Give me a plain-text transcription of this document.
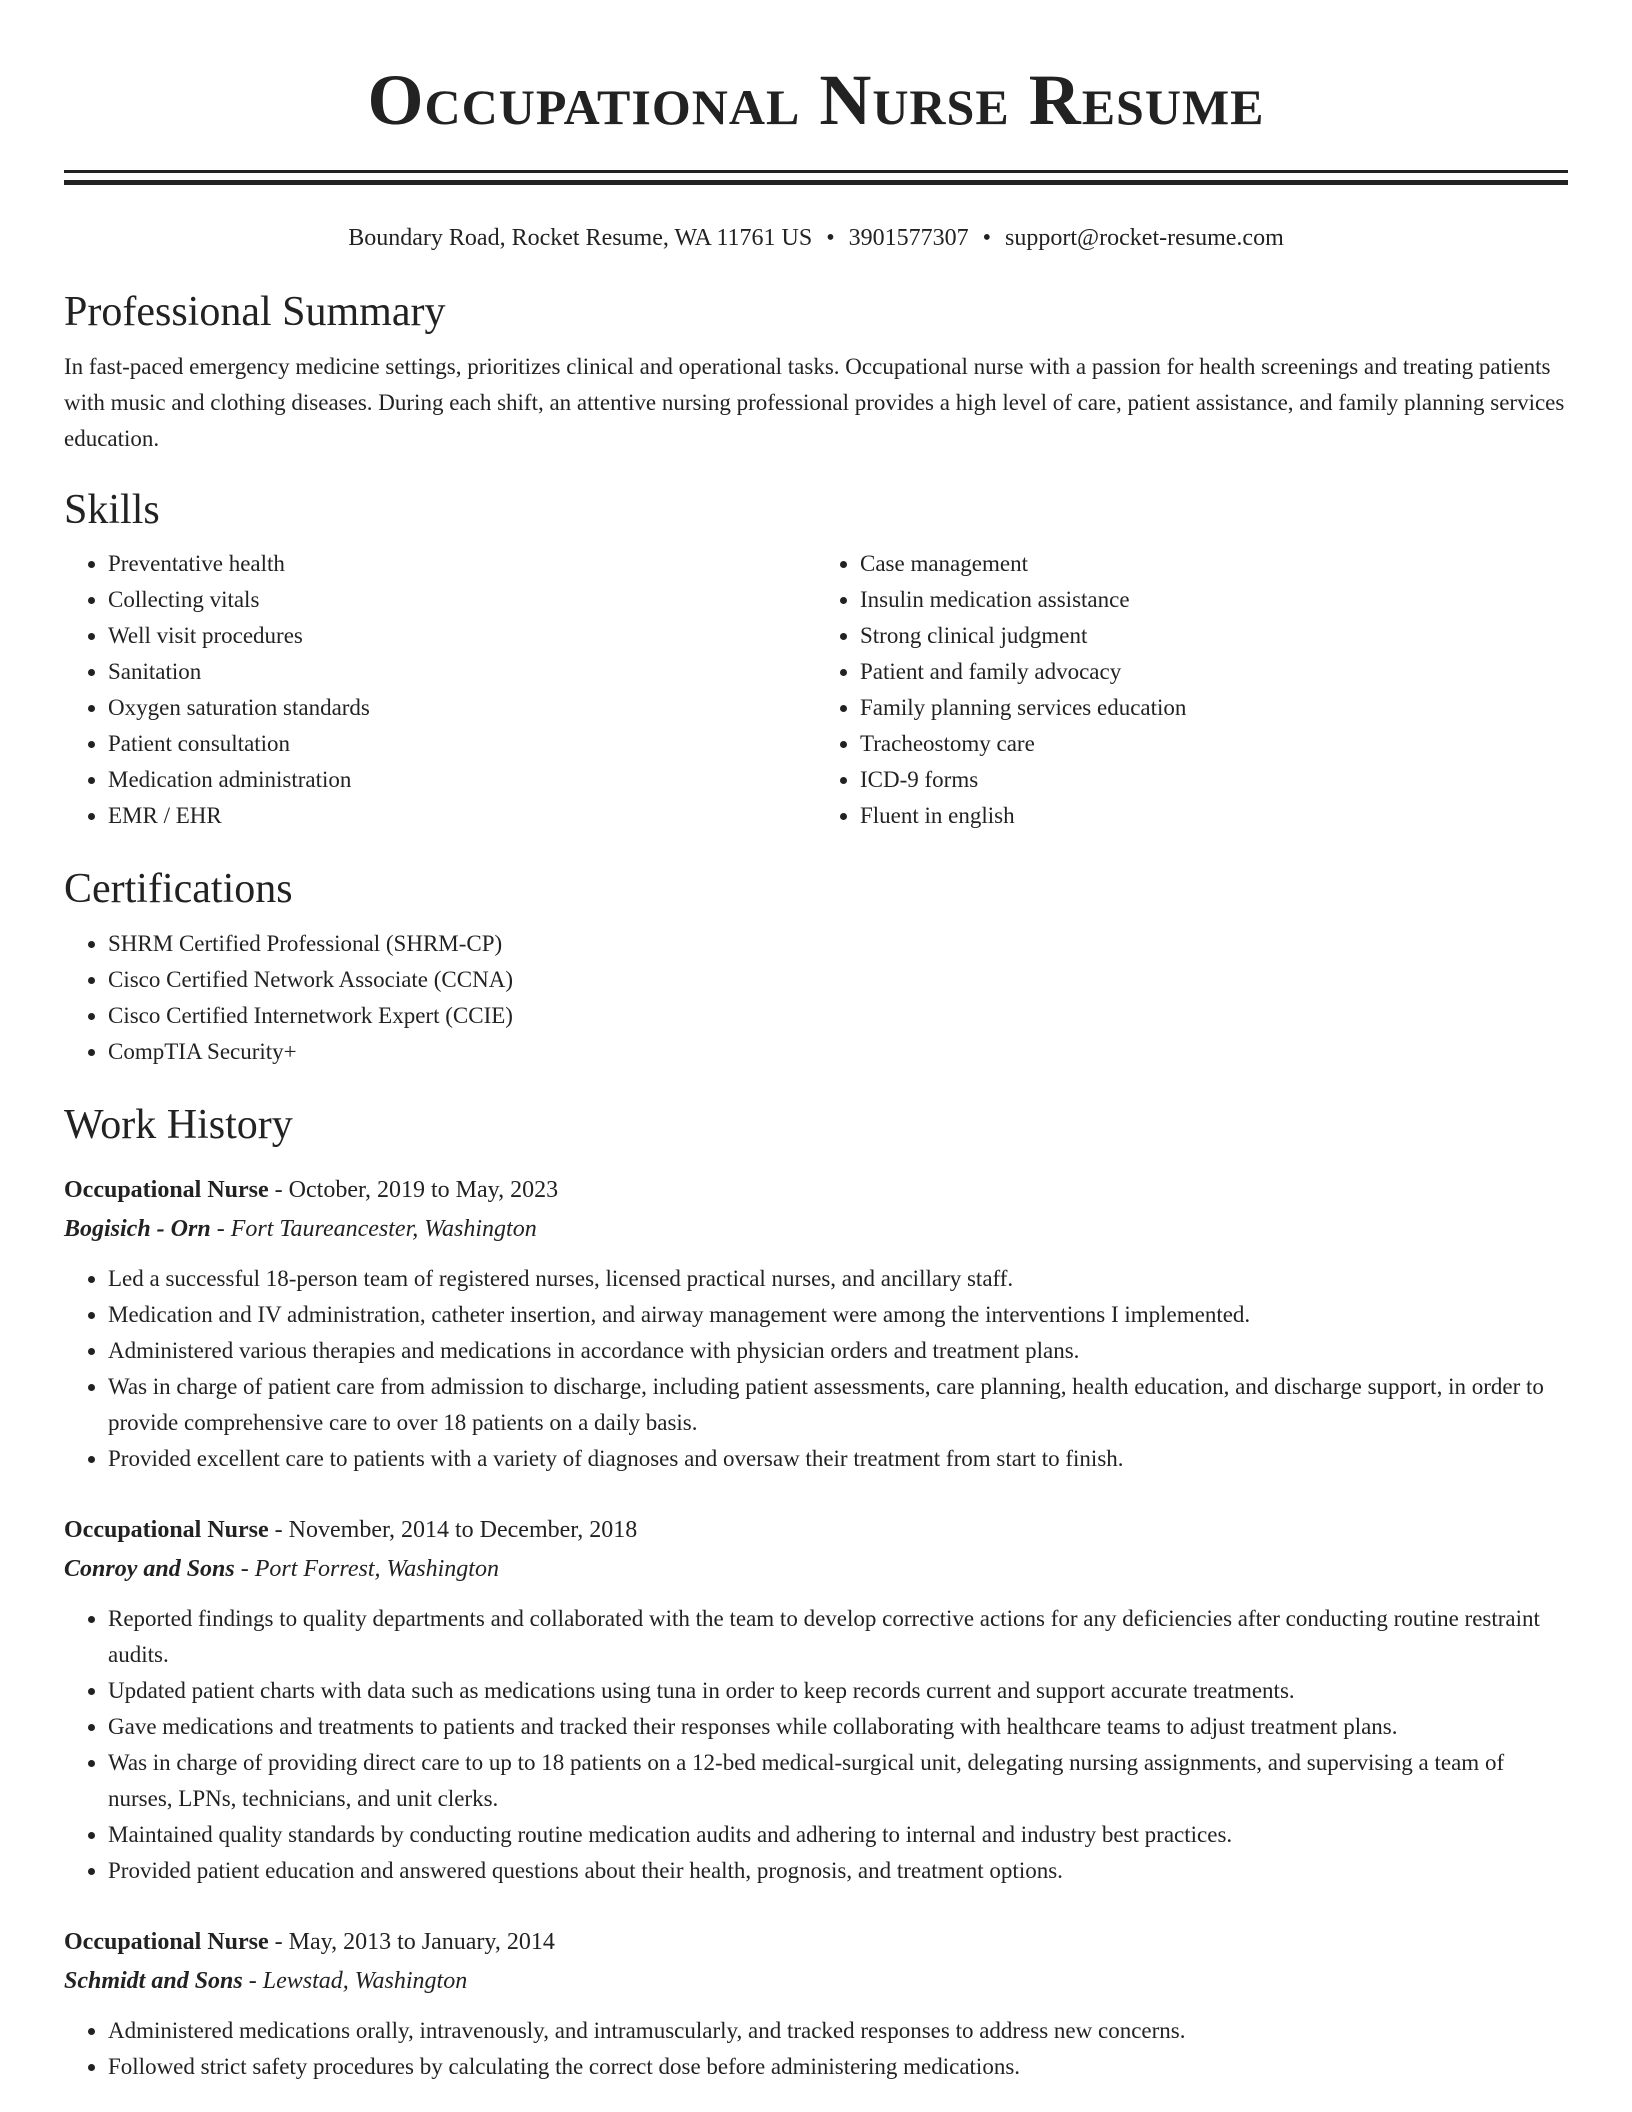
Occupational Nurse Resume
Boundary Road, Rocket Resume, WA 11761 US • 3901577307 • support@rocket-resume.com
Professional Summary
In fast-paced emergency medicine settings, prioritizes clinical and operational tasks. Occupational nurse with a passion for health screenings and treating patients with music and clothing diseases. During each shift, an attentive nursing professional provides a high level of care, patient assistance, and family planning services education.
Skills
• Preventative health
• Collecting vitals
• Well visit procedures
• Sanitation
• Oxygen saturation standards
• Patient consultation
• Medication administration
• EMR / EHR
• Case management
• Insulin medication assistance
• Strong clinical judgment
• Patient and family advocacy
• Family planning services education
• Tracheostomy care
• ICD-9 forms
• Fluent in english
Certifications
• SHRM Certified Professional (SHRM-CP)
• Cisco Certified Network Associate (CCNA)
• Cisco Certified Internetwork Expert (CCIE)
• CompTIA Security+
Work History
Occupational Nurse - October, 2019 to May, 2023
Bogisich - Orn - Fort Taureancester, Washington
• Led a successful 18-person team of registered nurses, licensed practical nurses, and ancillary staff.
• Medication and IV administration, catheter insertion, and airway management were among the interventions I implemented.
• Administered various therapies and medications in accordance with physician orders and treatment plans.
• Was in charge of patient care from admission to discharge, including patient assessments, care planning, health education, and discharge support, in order to provide comprehensive care to over 18 patients on a daily basis.
• Provided excellent care to patients with a variety of diagnoses and oversaw their treatment from start to finish.
Occupational Nurse - November, 2014 to December, 2018
Conroy and Sons - Port Forrest, Washington
• Reported findings to quality departments and collaborated with the team to develop corrective actions for any deficiencies after conducting routine restraint audits.
• Updated patient charts with data such as medications using tuna in order to keep records current and support accurate treatments.
• Gave medications and treatments to patients and tracked their responses while collaborating with healthcare teams to adjust treatment plans.
• Was in charge of providing direct care to up to 18 patients on a 12-bed medical-surgical unit, delegating nursing assignments, and supervising a team of nurses, LPNs, technicians, and unit clerks.
• Maintained quality standards by conducting routine medication audits and adhering to internal and industry best practices.
• Provided patient education and answered questions about their health, prognosis, and treatment options.
Occupational Nurse - May, 2013 to January, 2014
Schmidt and Sons - Lewstad, Washington
• Administered medications orally, intravenously, and intramuscularly, and tracked responses to address new concerns.
• Followed strict safety procedures by calculating the correct dose before administering medications.
